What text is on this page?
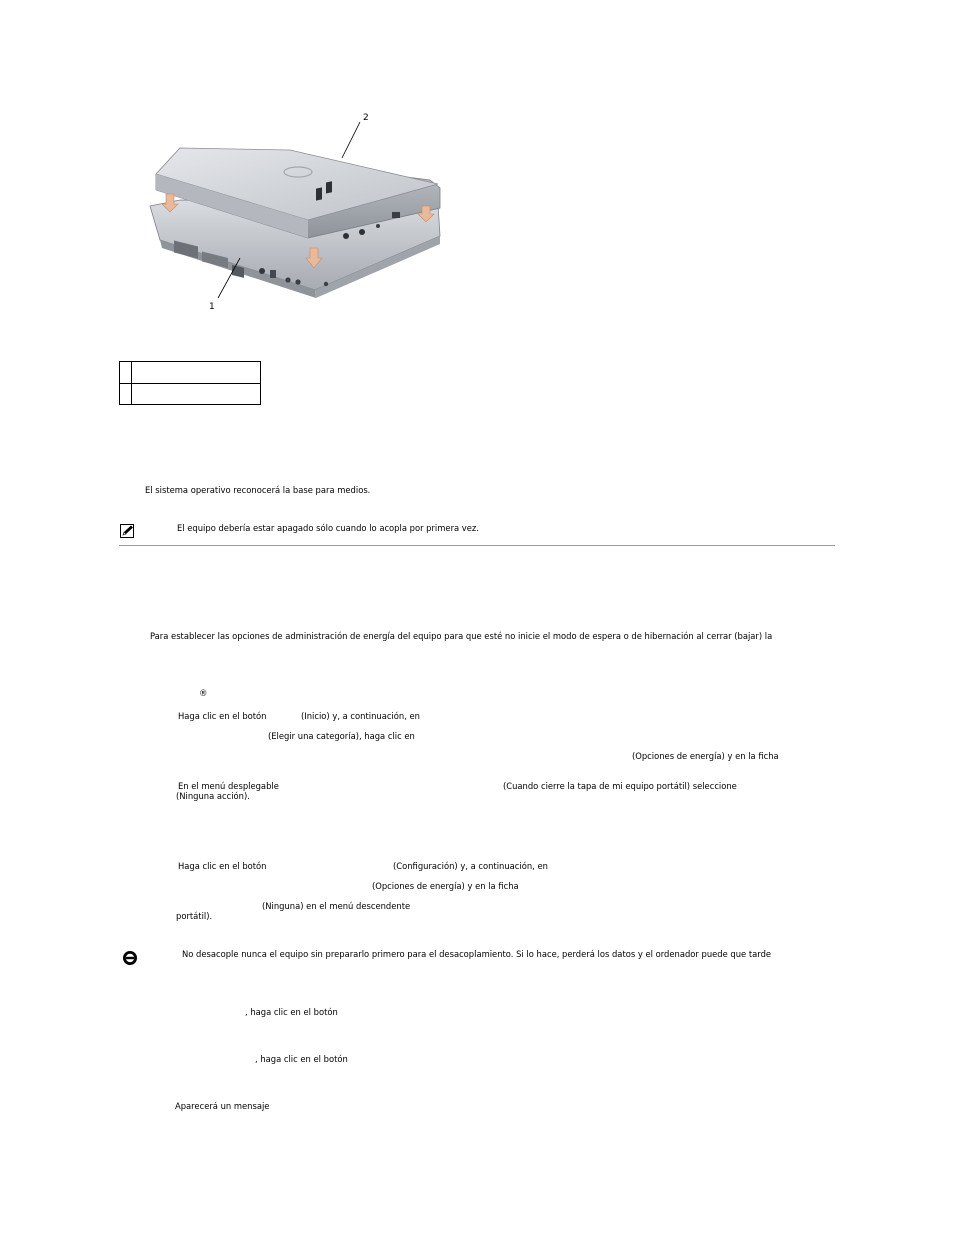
2
1

El sistema operativo reconocerá la base para medios.
El equipo debería estar apagado sólo cuando lo acopla por primera vez.
Para establecer las opciones de administración de energía del equipo para que esté no inicie el modo de espera o de hibernación al cerrar (bajar) la
®
Haga clic en el botón	(Inicio) y, a continuación, en
(Elegir una categoría), haga clic en
(Opciones de energía) y en la ficha
En el menú desplegable	(Cuando cierre la tapa de mi equipo portátil) seleccione
(Ninguna acción).
Haga clic en el botón	(Configuración) y, a continuación, en
(Opciones de energía) y en la ficha
(Ninguna) en el menú descendente
portátil).
No desacople nunca el equipo sin prepararlo primero para el desacoplamiento. Si lo hace, perderá los datos y el ordenador puede que tarde
, haga clic en el botón
, haga clic en el botón
Aparecerá un mensaje
